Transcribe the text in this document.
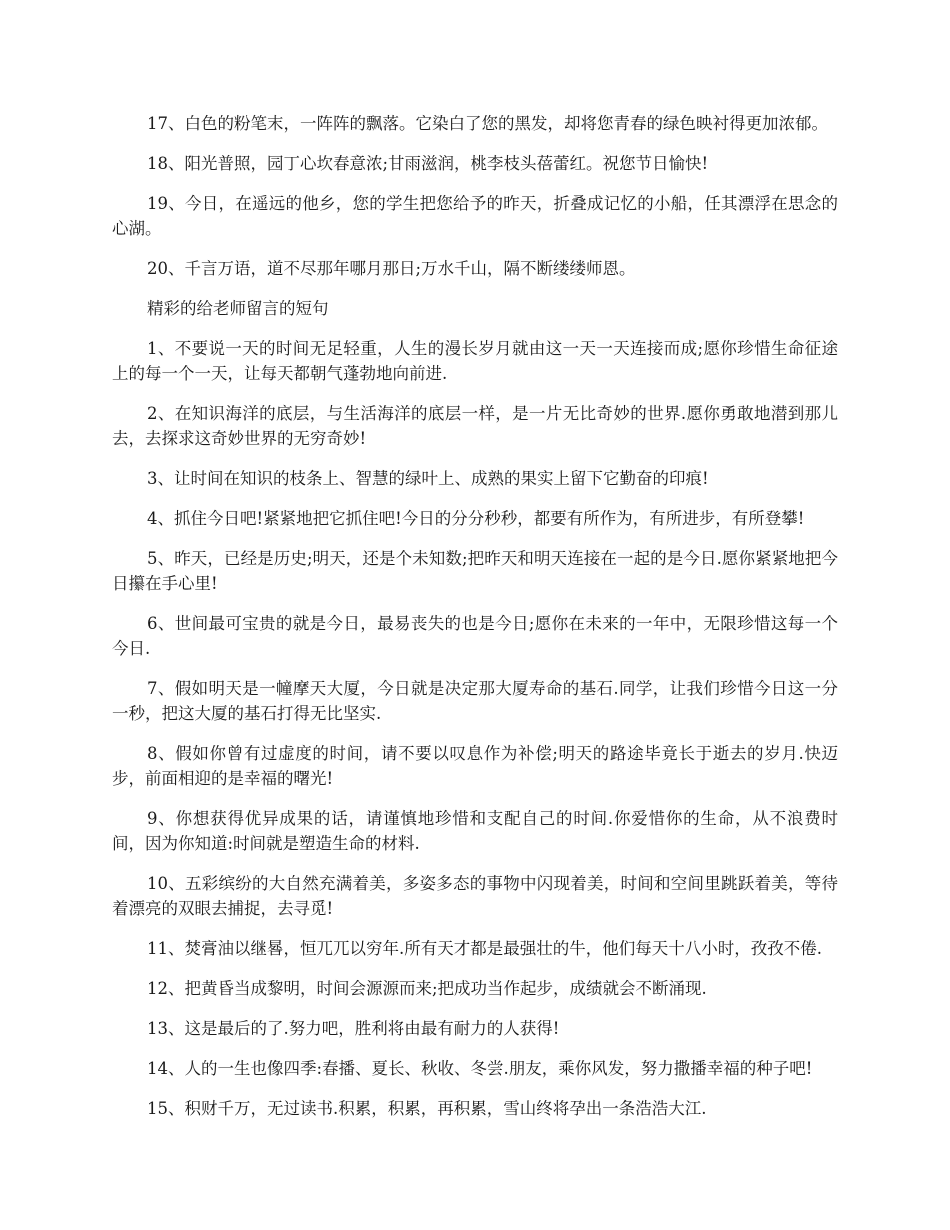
17、白色的粉笔末，一阵阵的飘落。它染白了您的黑发，却将您青春的绿色映衬得更加浓郁。

18、阳光普照，园丁心坎春意浓;甘雨滋润，桃李枝头蓓蕾红。祝您节日愉快!

19、今日，在遥远的他乡，您的学生把您给予的昨天，折叠成记忆的小船，任其漂浮在思念的心湖。

20、千言万语，道不尽那年哪月那日;万水千山，隔不断缕缕师恩。

精彩的给老师留言的短句

1、不要说一天的时间无足轻重，人生的漫长岁月就由这一天一天连接而成;愿你珍惜生命征途上的每一个一天，让每天都朝气蓬勃地向前进.

2、在知识海洋的底层，与生活海洋的底层一样，是一片无比奇妙的世界.愿你勇敢地潜到那儿去，去探求这奇妙世界的无穷奇妙!

3、让时间在知识的枝条上、智慧的绿叶上、成熟的果实上留下它勤奋的印痕!

4、抓住今日吧!紧紧地把它抓住吧!今日的分分秒秒，都要有所作为，有所进步，有所登攀!

5、昨天，已经是历史;明天，还是个未知数;把昨天和明天连接在一起的是今日.愿你紧紧地把今日攥在手心里!

6、世间最可宝贵的就是今日，最易丧失的也是今日;愿你在未来的一年中，无限珍惜这每一个今日.

7、假如明天是一幢摩天大厦，今日就是决定那大厦寿命的基石.同学，让我们珍惜今日这一分一秒，把这大厦的基石打得无比坚实.

8、假如你曾有过虚度的时间，请不要以叹息作为补偿;明天的路途毕竟长于逝去的岁月.快迈步，前面相迎的是幸福的曙光!

9、你想获得优异成果的话，请谨慎地珍惜和支配自己的时间.你爱惜你的生命，从不浪费时间，因为你知道:时间就是塑造生命的材料.

10、五彩缤纷的大自然充满着美，多姿多态的事物中闪现着美，时间和空间里跳跃着美，等待着漂亮的双眼去捕捉，去寻觅!

11、焚膏油以继晷，恒兀兀以穷年.所有天才都是最强壮的牛，他们每天十八小时，孜孜不倦.

12、把黄昏当成黎明，时间会源源而来;把成功当作起步，成绩就会不断涌现.

13、这是最后的了.努力吧，胜利将由最有耐力的人获得!

14、人的一生也像四季:春播、夏长、秋收、冬尝.朋友，乘你风发，努力撒播幸福的种子吧!

15、积财千万，无过读书.积累，积累，再积累，雪山终将孕出一条浩浩大江.
